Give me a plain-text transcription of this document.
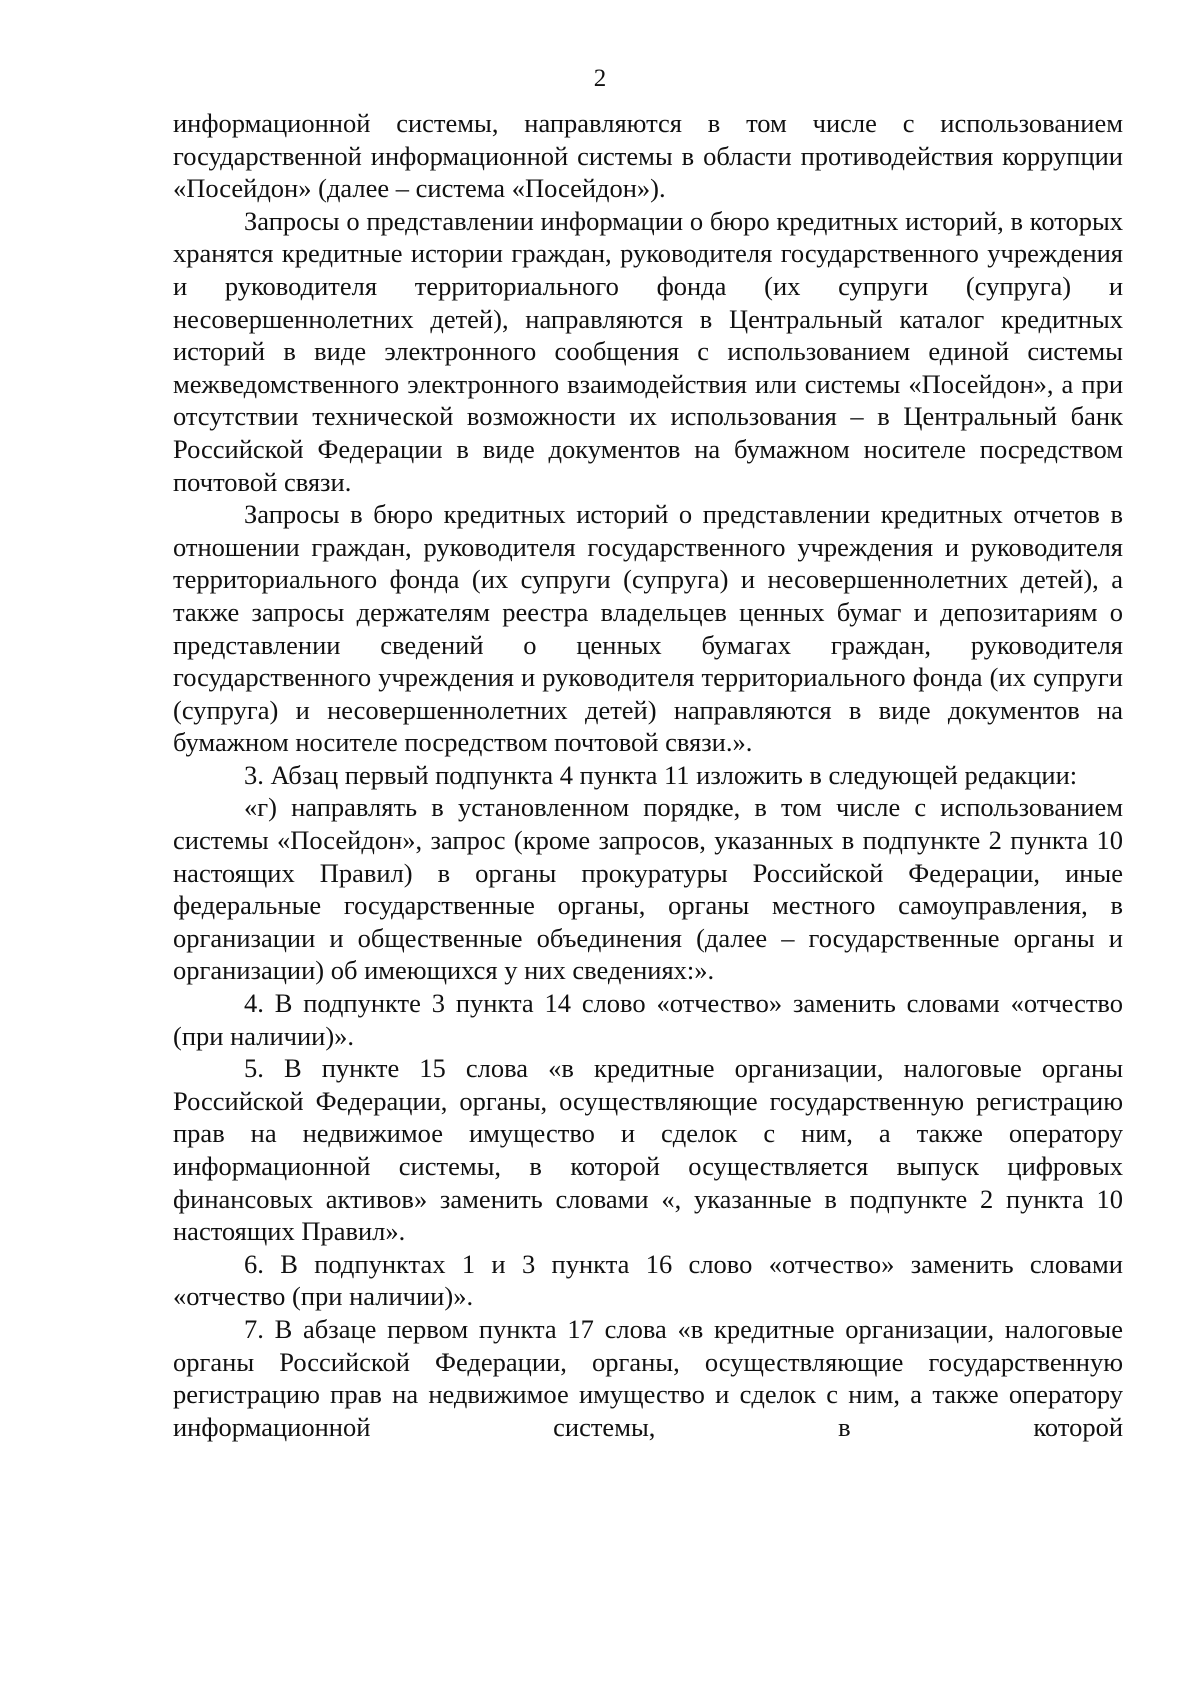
2

информационной системы, направляются в том числе с использованием государственной информационной системы в области противодействия коррупции «Посейдон» (далее – система «Посейдон»).

Запросы о представлении информации о бюро кредитных историй, в которых хранятся кредитные истории граждан, руководителя государственного учреждения и руководителя территориального фонда (их супруги (супруга) и несовершеннолетних детей), направляются в Центральный каталог кредитных историй в виде электронного сообщения с использованием единой системы межведомственного электронного взаимодействия или системы «Посейдон», а при отсутствии технической возможности их использования – в Центральный банк Российской Федерации в виде документов на бумажном носителе посредством почтовой связи.

Запросы в бюро кредитных историй о представлении кредитных отчетов в отношении граждан, руководителя государственного учреждения и руководителя территориального фонда (их супруги (супруга) и несовершеннолетних детей), а также запросы держателям реестра владельцев ценных бумаг и депозитариям о представлении сведений о ценных бумагах граждан, руководителя государственного учреждения и руководителя территориального фонда (их супруги (супруга) и несовершеннолетних детей) направляются в виде документов на бумажном носителе посредством почтовой связи.».

3. Абзац первый подпункта 4 пункта 11 изложить в следующей редакции:

«г) направлять в установленном порядке, в том числе с использованием системы «Посейдон», запрос (кроме запросов, указанных в подпункте 2 пункта 10 настоящих Правил) в органы прокуратуры Российской Федерации, иные федеральные государственные органы, органы местного самоуправления, в организации и общественные объединения (далее – государственные органы и организации) об имеющихся у них сведениях:».

4. В подпункте 3 пункта 14 слово «отчество» заменить словами «отчество (при наличии)».

5. В пункте 15 слова «в кредитные организации, налоговые органы Российской Федерации, органы, осуществляющие государственную регистрацию прав на недвижимое имущество и сделок с ним, а также оператору информационной системы, в которой осуществляется выпуск цифровых финансовых активов» заменить словами «, указанные в подпункте 2 пункта 10 настоящих Правил».

6. В подпунктах 1 и 3 пункта 16 слово «отчество» заменить словами «отчество (при наличии)».

7. В абзаце первом пункта 17 слова «в кредитные организации, налоговые органы Российской Федерации, органы, осуществляющие государственную регистрацию прав на недвижимое имущество и сделок с ним, а также оператору информационной системы, в которой
